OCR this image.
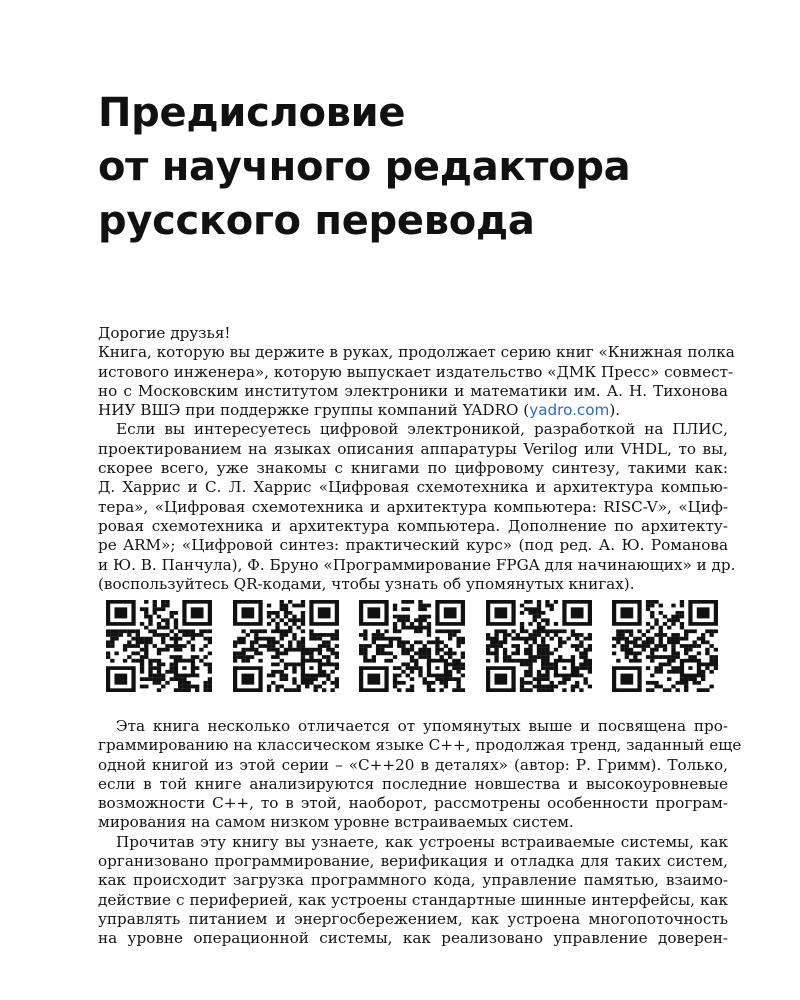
Предисловие
от научного редактора
русского перевода
Дорогие друзья!
Книга, которую вы держите в руках, продолжает серию книг «Книжная полка
истового инженера», которую выпускает издательство «ДМК Пресс» совмест-
но с Московским институтом электроники и математики им. А. Н. Тихонова
НИУ ВШЭ при поддержке группы компаний YADRO (yadro.com).
Если вы интересуетесь цифровой электроникой, разработкой на ПЛИС,
проектированием на языках описания аппаратуры Verilog или VHDL, то вы,
скорее всего, уже знакомы с книгами по цифровому синтезу, такими как:
Д. Харрис и С. Л. Харрис «Цифровая схемотехника и архитектура компью-
тера», «Цифровая схемотехника и архитектура компьютера: RISC-V», «Циф-
ровая схемотехника и архитектура компьютера. Дополнение по архитекту-
ре ARM»; «Цифровой синтез: практический курс» (под ред. А. Ю. Романова
и Ю. В. Панчула), Ф. Бруно «Программирование FPGA для начинающих» и др.
(воспользуйтесь QR-кодами, чтобы узнать об упомянутых книгах).
Эта книга несколько отличается от упомянутых выше и посвящена про-
граммированию на классическом языке C++, продолжая тренд, заданный еще
одной книгой из этой серии – «C++20 в деталях» (автор: Р. Гримм). Только,
если в той книге анализируются последние новшества и высокоуровневые
возможности C++, то в этой, наоборот, рассмотрены особенности програм-
мирования на самом низком уровне встраиваемых систем.
Прочитав эту книгу вы узнаете, как устроены встраиваемые системы, как
организовано программирование, верификация и отладка для таких систем,
как происходит загрузка программного кода, управление памятью, взаимо-
действие с периферией, как устроены стандартные шинные интерфейсы, как
управлять питанием и энергосбережением, как устроена многопоточность
на уровне операционной системы, как реализовано управление доверен-
